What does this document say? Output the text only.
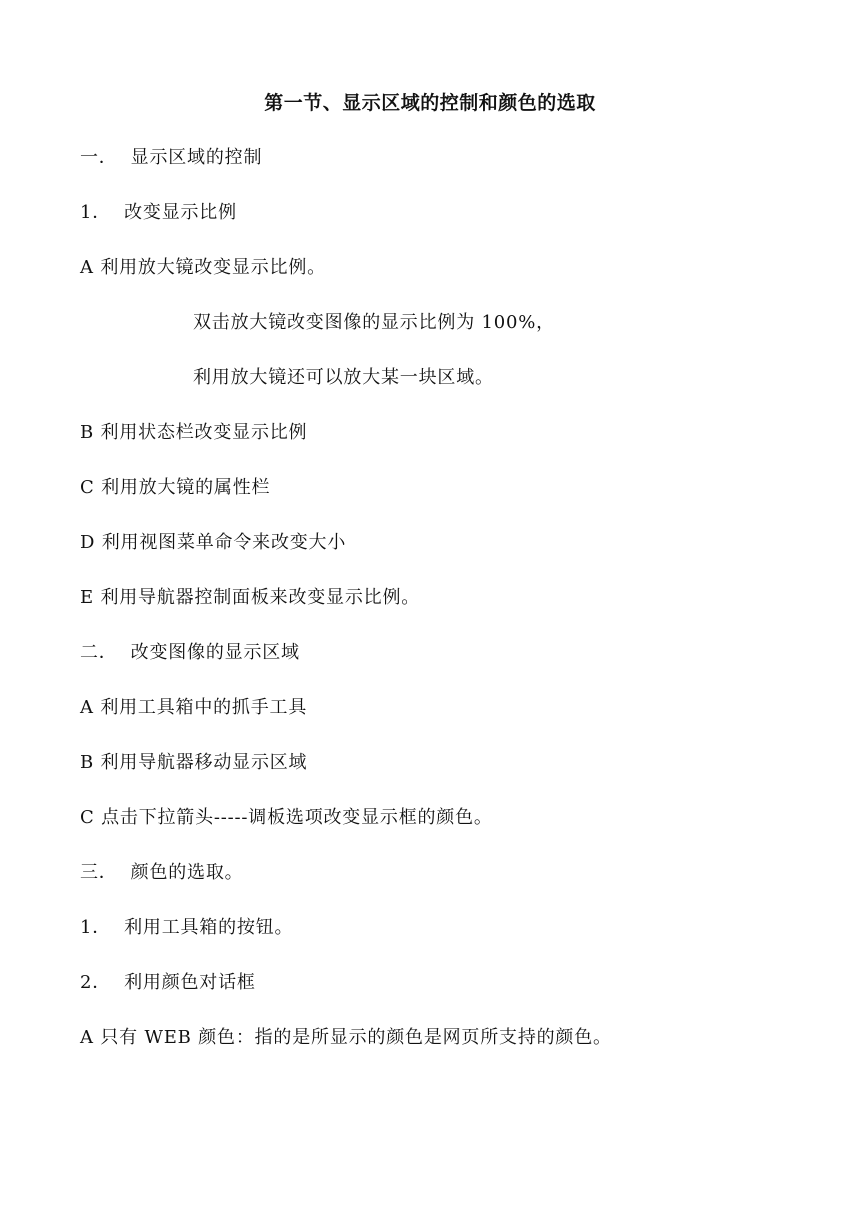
第一节、显示区域的控制和颜色的选取
一．  显示区域的控制
1．  改变显示比例
A 利用放大镜改变显示比例。
双击放大镜改变图像的显示比例为 100%，
利用放大镜还可以放大某一块区域。
B 利用状态栏改变显示比例
C 利用放大镜的属性栏
D 利用视图菜单命令来改变大小
E 利用导航器控制面板来改变显示比例。
二．  改变图像的显示区域
A 利用工具箱中的抓手工具
B 利用导航器移动显示区域
C 点击下拉箭头-----调板选项改变显示框的颜色。
三．  颜色的选取。
1．  利用工具箱的按钮。
2．  利用颜色对话框
A 只有 WEB 颜色：指的是所显示的颜色是网页所支持的颜色。
